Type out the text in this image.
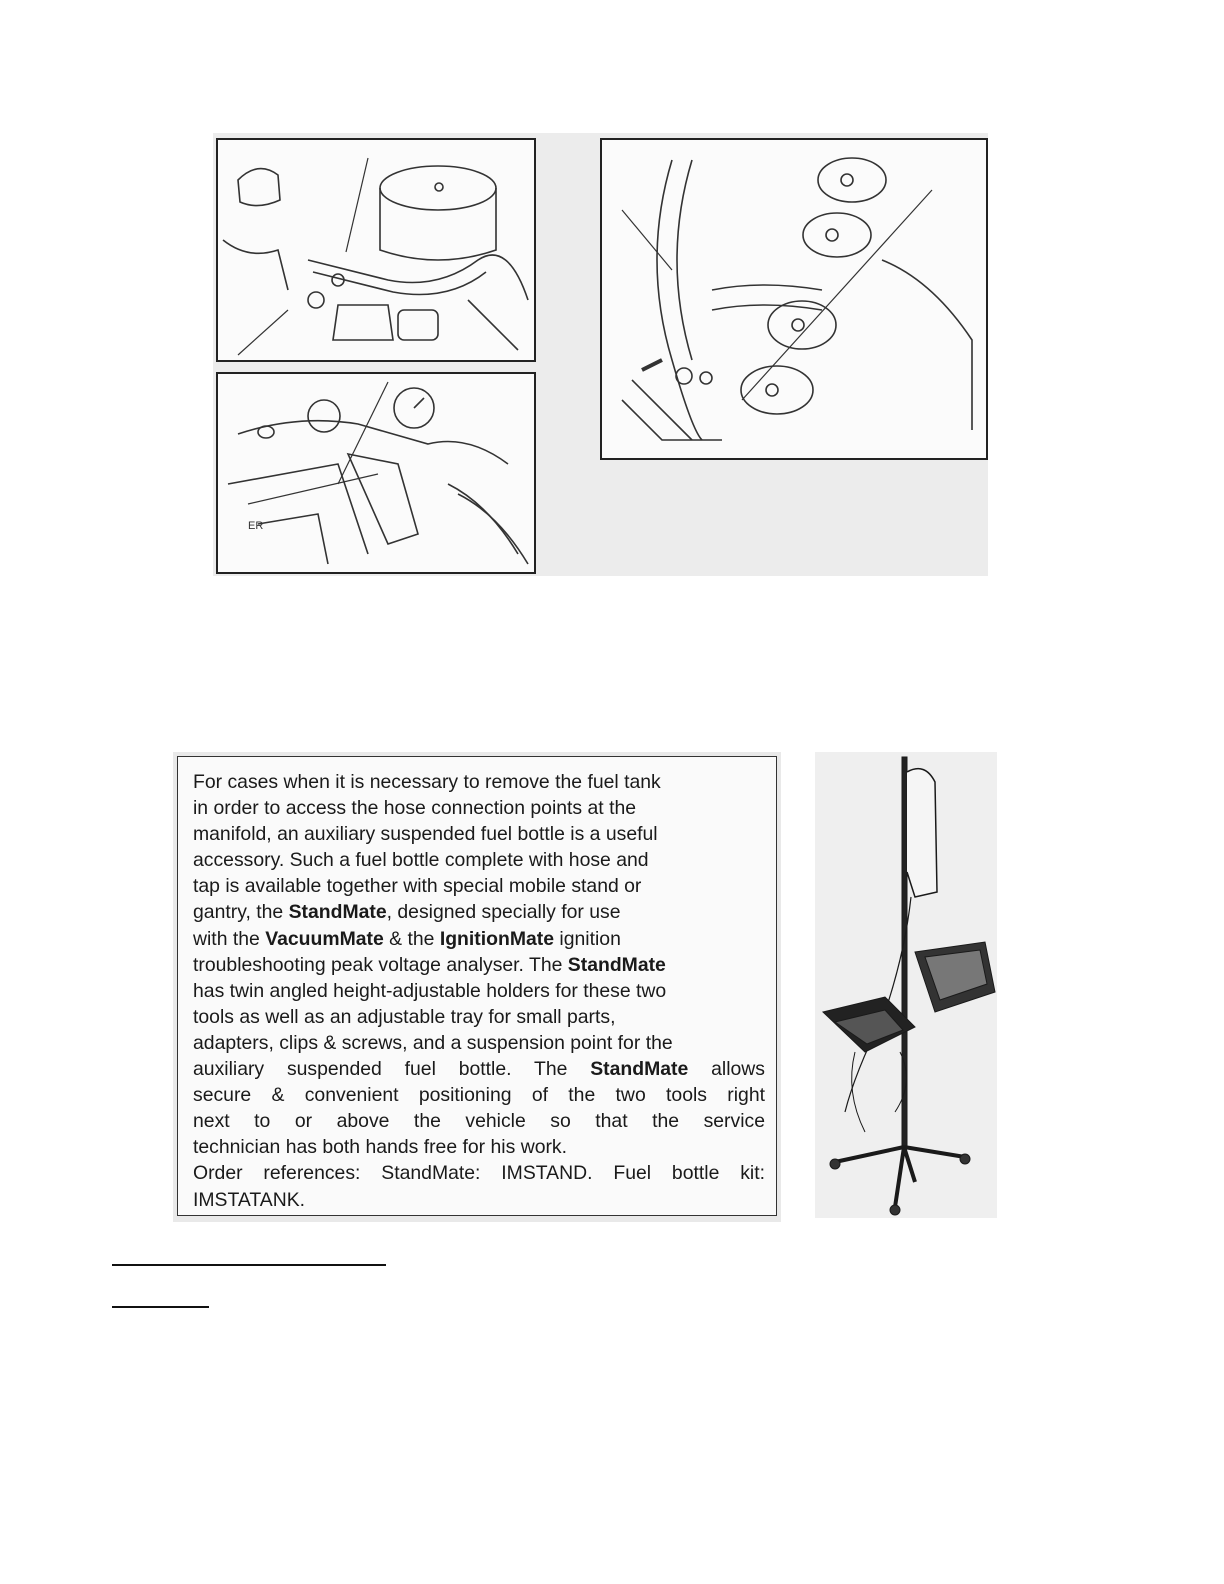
ER
For cases when it is necessary to remove the fuel tank
in order to access the hose connection points at the
manifold, an auxiliary suspended fuel bottle is a useful
accessory. Such a fuel bottle complete with hose and
tap is available together with special mobile stand or
gantry, the StandMate, designed specially for use
with the VacuumMate & the IgnitionMate ignition
troubleshooting peak voltage analyser. The StandMate
has twin angled height-adjustable holders for these two
tools as well as an adjustable tray for small parts,
adapters, clips & screws, and a suspension point for the
auxiliary suspended fuel bottle. The StandMate allows
secure & convenient positioning of the two tools right
next to or above the vehicle so that the service
technician has both hands free for his work.
Order references: StandMate: IMSTAND. Fuel bottle kit:
IMSTATANK.
